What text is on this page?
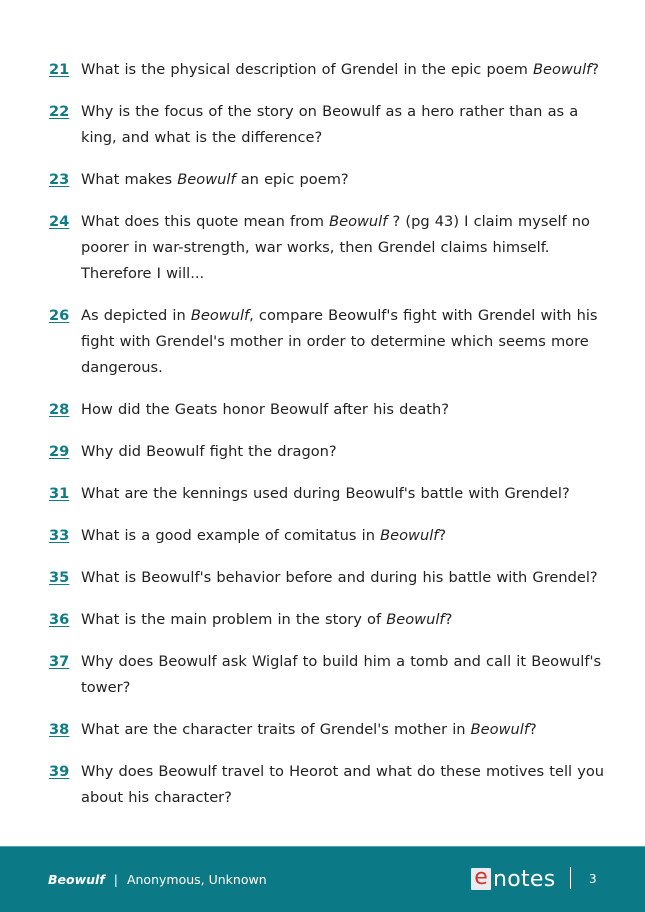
21 What is the physical description of Grendel in the epic poem Beowulf?
22 Why is the focus of the story on Beowulf as a hero rather than as a king, and what is the difference?
23 What makes Beowulf an epic poem?
24 What does this quote mean from Beowulf ? (pg 43) I claim myself no poorer in war-strength, war works, then Grendel claims himself. Therefore I will...
26 As depicted in Beowulf, compare Beowulf's fight with Grendel with his fight with Grendel's mother in order to determine which seems more dangerous.
28 How did the Geats honor Beowulf after his death?
29 Why did Beowulf fight the dragon?
31 What are the kennings used during Beowulf's battle with Grendel?
33 What is a good example of comitatus in Beowulf?
35 What is Beowulf's behavior before and during his battle with Grendel?
36 What is the main problem in the story of Beowulf?
37 Why does Beowulf ask Wiglaf to build him a tomb and call it Beowulf's tower?
38 What are the character traits of Grendel's mother in Beowulf?
39 Why does Beowulf travel to Heorot and what do these motives tell you about his character?
Beowulf | Anonymous, Unknown	e notes	3
